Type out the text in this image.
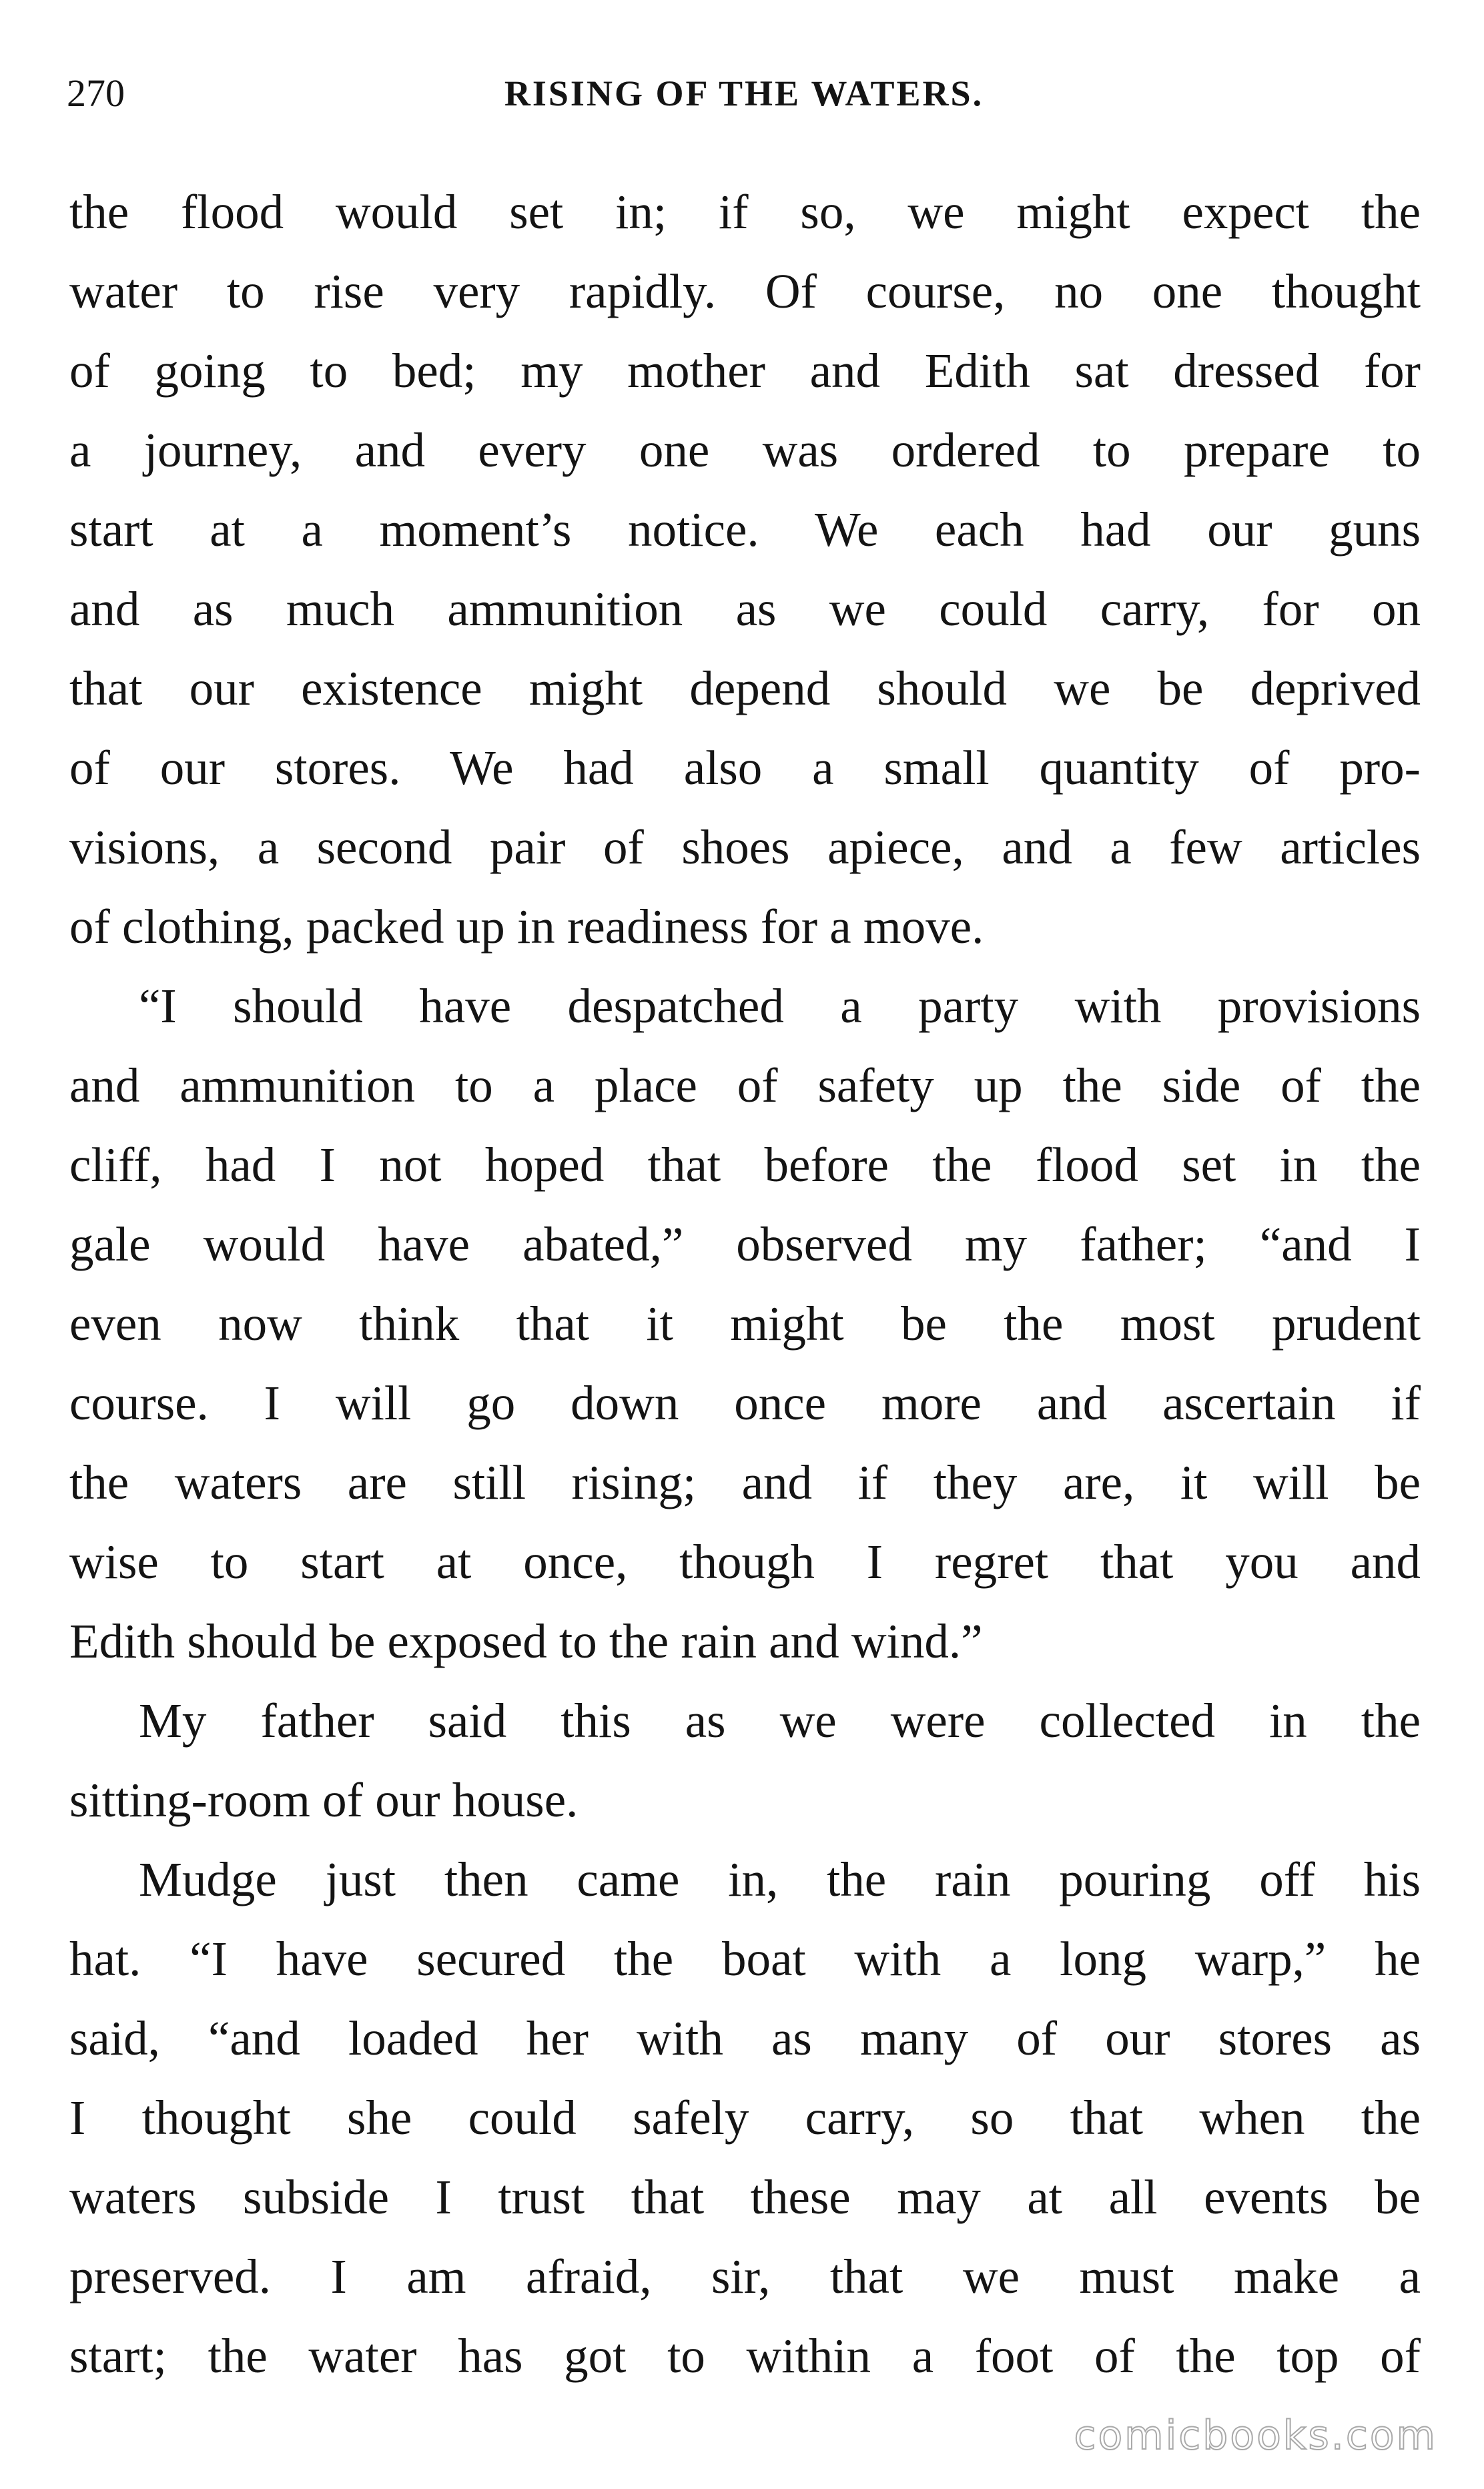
270	RISING OF THE WATERS.
the flood would set in; if so, we might expect the
water to rise very rapidly. Of course, no one thought
of going to bed; my mother and Edith sat dressed for
a journey, and every one was ordered to prepare to
start at a moment’s notice. We each had our guns
and as much ammunition as we could carry, for on
that our existence might depend should we be deprived
of our stores. We had also a small quantity of pro-
visions, a second pair of shoes apiece, and a few articles
of clothing, packed up in readiness for a move.
“I should have despatched a party with provisions
and ammunition to a place of safety up the side of the
cliff, had I not hoped that before the flood set in the
gale would have abated,” observed my father; “and I
even now think that it might be the most prudent
course. I will go down once more and ascertain if
the waters are still rising; and if they are, it will be
wise to start at once, though I regret that you and
Edith should be exposed to the rain and wind.”
My father said this as we were collected in the
sitting-room of our house.
Mudge just then came in, the rain pouring off his
hat. “I have secured the boat with a long warp,” he
said, “and loaded her with as many of our stores as
I thought she could safely carry, so that when the
waters subside I trust that these may at all events be
preserved. I am afraid, sir, that we must make a
start; the water has got to within a foot of the top of
comicbooks.com
